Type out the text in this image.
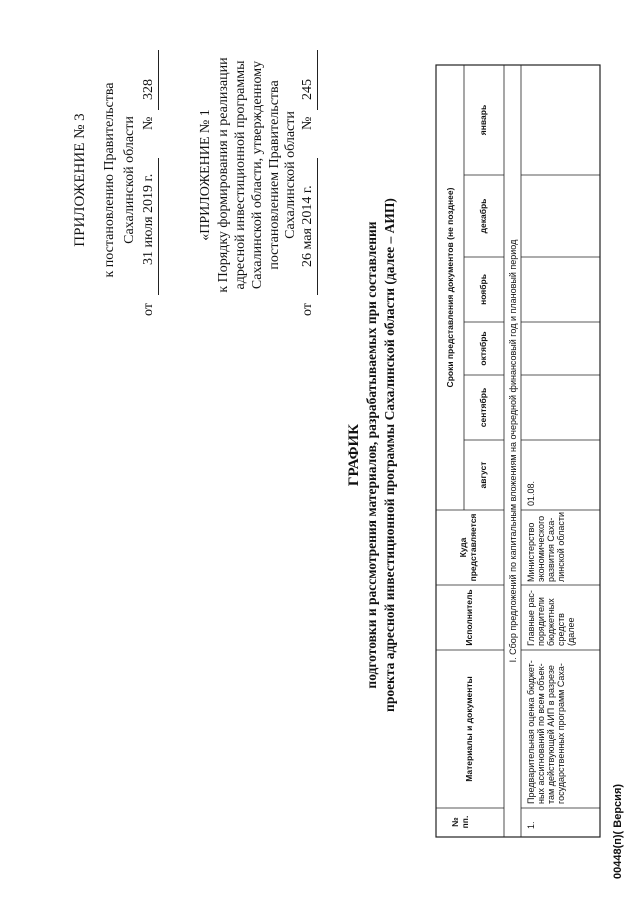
ПРИЛОЖЕНИЕ № 3 к постановлению Правительства Сахалинской области
от
31 июля 2019 г.
№
328
«ПРИЛОЖЕНИЕ № 1 к Порядку формирования и реализации адресной инвестиционной программы Сахалинской области, утвержденному постановлением Правительства Сахалинской области
от
26 мая 2014 г.
№
245
ГРАФИК подготовки и рассмотрения материалов, разрабатываемых при составлении проекта адресной инвестиционной программы Сахалинской области (далее – АИП)
№ пп.
Материалы и документы
Исполнитель
Куда представляется
Сроки представления документов (не позднее)
август
сентябрь
октябрь
ноябрь
декабрь
январь
I. Сбор предложений по капитальным вложениям на очередной финансовый год и плановый период
1.
Предварительная оценка бюджет- ных ассигнований по всем объек- там действующей АИП в разрезе государственных программ Саха-
Главные рас- порядители бюджетных средств (далее
Министерство экономического развития Саха- линской области
01.08.
00448(п)( Версия)
